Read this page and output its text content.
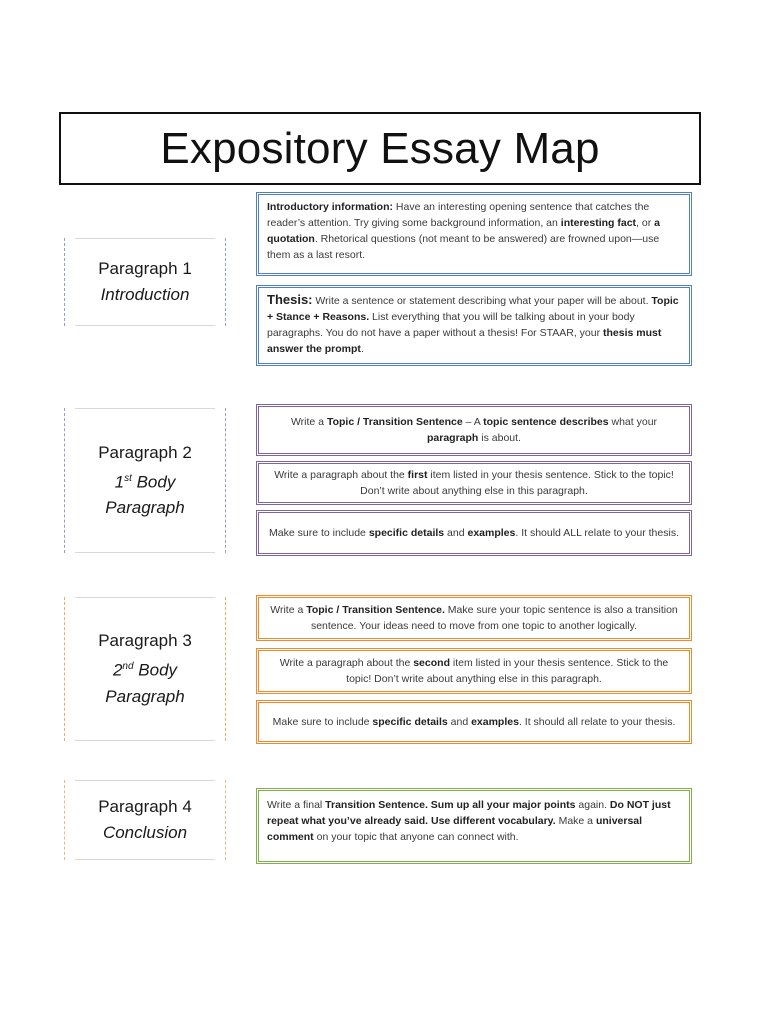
Expository Essay Map
Paragraph 1
Introduction
Introductory information: Have an interesting opening sentence that catches the reader’s attention. Try giving some background information, an interesting fact, or a quotation. Rhetorical questions (not meant to be answered) are frowned upon—use them as a last resort.
Thesis: Write a sentence or statement describing what your paper will be about. Topic + Stance + Reasons. List everything that you will be talking about in your body paragraphs. You do not have a paper without a thesis! For STAAR, your thesis must answer the prompt.
Paragraph 2
1st Body
Paragraph
Write a Topic / Transition Sentence – A topic sentence describes what your paragraph is about.
Write a paragraph about the first item listed in your thesis sentence. Stick to the topic! Don’t write about anything else in this paragraph.
Make sure to include specific details and examples. It should ALL relate to your thesis.
Paragraph 3
2nd Body
Paragraph
Write a Topic / Transition Sentence. Make sure your topic sentence is also a transition sentence. Your ideas need to move from one topic to another logically.
Write a paragraph about the second item listed in your thesis sentence. Stick to the topic! Don’t write about anything else in this paragraph.
Make sure to include specific details and examples. It should all relate to your thesis.
Paragraph 4
Conclusion
Write a final Transition Sentence. Sum up all your major points again. Do NOT just repeat what you’ve already said. Use different vocabulary. Make a universal comment on your topic that anyone can connect with.
